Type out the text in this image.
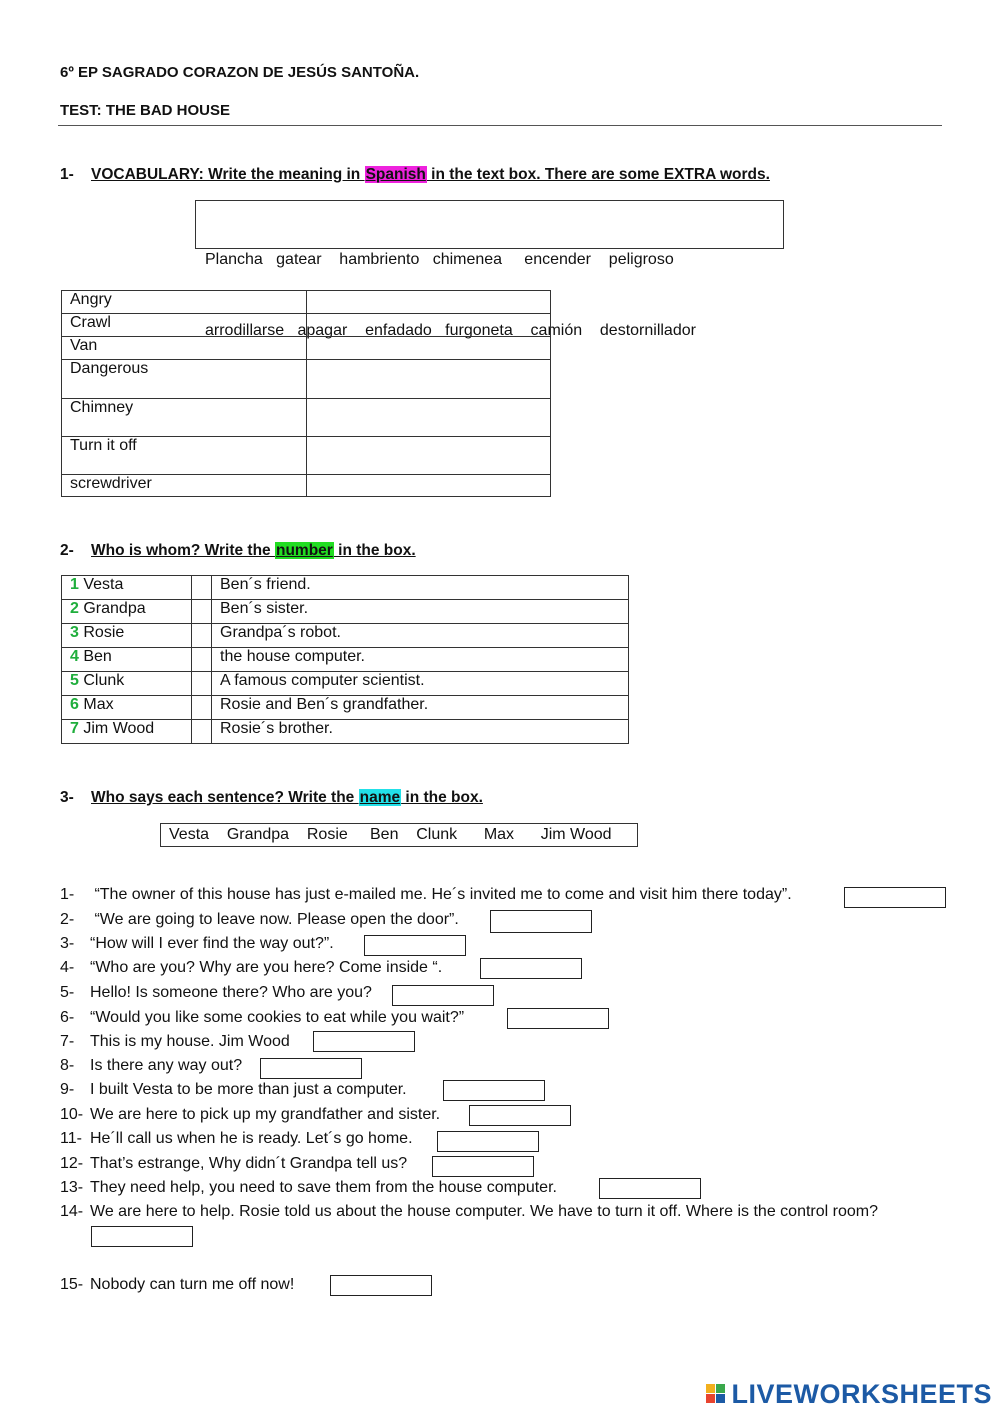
6º EP SAGRADO CORAZON DE JESÚS SANTOÑA.
TEST: THE BAD HOUSE
1- VOCABULARY: Write the meaning in Spanish in the text box. There are some EXTRA words.

Plancha   gatear    hambriento   chimenea     encender    peligroso

arrodillarse   apagar    enfadado   furgoneta    camión    destornillador

Angry	
Crawl	
Van	
Dangerous	
Chimney	
Turn it off	
screwdriver	
2- Who is whom? Write the number in the box.
1 Vesta		Ben´s friend.
2 Grandpa		Ben´s sister.
3 Rosie		Grandpa´s robot.
4 Ben		the house computer.
5 Clunk		A famous computer scientist.
6 Max		Rosie and Ben´s grandfather.
7 Jim Wood		Rosie´s brother.
3- Who says each sentence? Write the name in the box.
Vesta    Grandpa    Rosie     Ben    Clunk      Max      Jim Wood
1- “The owner of this house has just e-mailed me. He´s invited me to come and visit him there today”.
2- “We are going to leave now. Please open the door”.
3- “How will I ever find the way out?”.
4- “Who are you? Why are you here? Come inside “.
5- Hello! Is someone there? Who are you?
6- “Would you like some cookies to eat while you wait?”
7- This is my house. Jim Wood
8- Is there any way out?
9- I built Vesta to be more than just a computer.
10- We are here to pick up my grandfather and sister.
11- He´ll call us when he is ready. Let´s go home.
12- That’s estrange, Why didn´t Grandpa tell us?
13- They need help, you need to save them from the house computer.
14- We are here to help. Rosie told us about the house computer. We have to turn it off. Where is the control room?
15- Nobody can turn me off now!
LIVEWORKSHEETS
